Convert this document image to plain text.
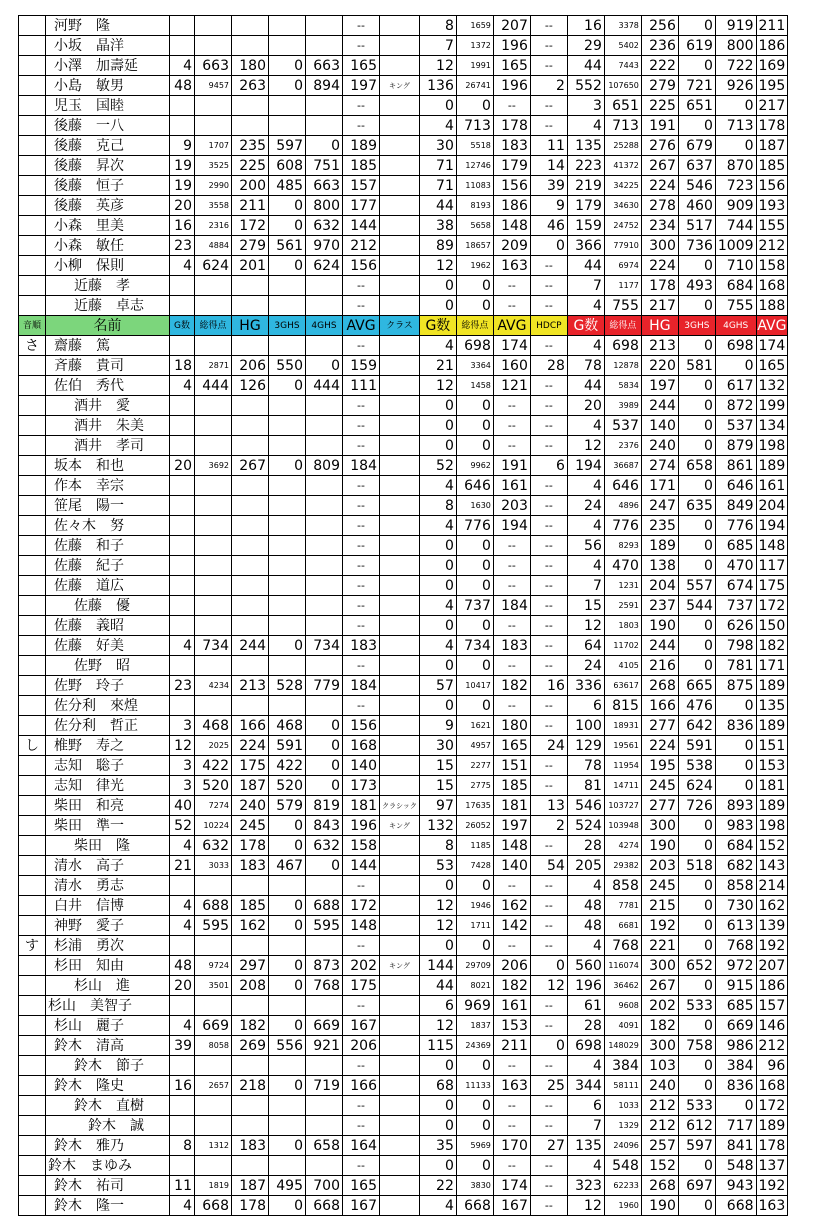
	河野　隆						--		8	1659	207	--	16	3378	256	0	919	211
	小坂　晶洋						--		7	1372	196	--	29	5402	236	619	800	186
	小澤　加壽延	4	663	180	0	663	165		12	1991	165	--	44	7443	222	0	722	169
	小島　敏男	48	9457	263	0	894	197	キング	136	26741	196	2	552	107650	279	721	926	195
	児玉　国睦						--		0	0	--	--	3	651	225	651	0	217
	後藤　一八						--		4	713	178	--	4	713	191	0	713	178
	後藤　克己	9	1707	235	597	0	189		30	5518	183	11	135	25288	276	679	0	187
	後藤　昇次	19	3525	225	608	751	185		71	12746	179	14	223	41372	267	637	870	185
	後藤　恒子	19	2990	200	485	663	157		71	11083	156	39	219	34225	224	546	723	156
	後藤　英彦	20	3558	211	0	800	177		44	8193	186	9	179	34630	278	460	909	193
	小森　里美	16	2316	172	0	632	144		38	5658	148	46	159	24752	234	517	744	155
	小森　敏任	23	4884	279	561	970	212		89	18657	209	0	366	77910	300	736	1009	212
	小柳　保則	4	624	201	0	624	156		12	1962	163	--	44	6974	224	0	710	158
	近藤　孝						--		0	0	--	--	7	1177	178	493	684	168
	近藤　卓志						--		0	0	--	--	4	755	217	0	755	188
音順	名前	G数	総得点	HG	3GHS	4GHS	AVG	クラス	G数	総得点	AVG	HDCP	G数	総得点	HG	3GHS	4GHS	AVG
さ	齋藤　篤						--		4	698	174	--	4	698	213	0	698	174
	斉藤　貴司	18	2871	206	550	0	159		21	3364	160	28	78	12878	220	581	0	165
	佐伯　秀代	4	444	126	0	444	111		12	1458	121	--	44	5834	197	0	617	132
	酒井　愛						--		0	0	--	--	20	3989	244	0	872	199
	酒井　朱美						--		0	0	--	--	4	537	140	0	537	134
	酒井　孝司						--		0	0	--	--	12	2376	240	0	879	198
	坂本　和也	20	3692	267	0	809	184		52	9962	191	6	194	36687	274	658	861	189
	作本　幸宗						--		4	646	161	--	4	646	171	0	646	161
	笹尾　陽一						--		8	1630	203	--	24	4896	247	635	849	204
	佐々木　努						--		4	776	194	--	4	776	235	0	776	194
	佐藤　和子						--		0	0	--	--	56	8293	189	0	685	148
	佐藤　紀子						--		0	0	--	--	4	470	138	0	470	117
	佐藤　道広						--		0	0	--	--	7	1231	204	557	674	175
	佐藤　優						--		4	737	184	--	15	2591	237	544	737	172
	佐藤　義昭						--		0	0	--	--	12	1803	190	0	626	150
	佐藤　好美	4	734	244	0	734	183		4	734	183	--	64	11702	244	0	798	182
	佐野　昭						--		0	0	--	--	24	4105	216	0	781	171
	佐野　玲子	23	4234	213	528	779	184		57	10417	182	16	336	63617	268	665	875	189
	佐分利　來煌						--		0	0	--	--	6	815	166	476	0	135
	佐分利　哲正	3	468	166	468	0	156		9	1621	180	--	100	18931	277	642	836	189
し	椎野　寿之	12	2025	224	591	0	168		30	4957	165	24	129	19561	224	591	0	151
	志知　聡子	3	422	175	422	0	140		15	2277	151	--	78	11954	195	538	0	153
	志知　律光	3	520	187	520	0	173		15	2775	185	--	81	14711	245	624	0	181
	柴田　和亮	40	7274	240	579	819	181	クラシック	97	17635	181	13	546	103727	277	726	893	189
	柴田　準一	52	10224	245	0	843	196	キング	132	26052	197	2	524	103948	300	0	983	198
	柴田　隆	4	632	178	0	632	158		8	1185	148	--	28	4274	190	0	684	152
	清水　高子	21	3033	183	467	0	144		53	7428	140	54	205	29382	203	518	682	143
	清水　勇志						--		0	0	--	--	4	858	245	0	858	214
	白井　信博	4	688	185	0	688	172		12	1946	162	--	48	7781	215	0	730	162
	神野　愛子	4	595	162	0	595	148		12	1711	142	--	48	6681	192	0	613	139
す	杉浦　勇次						--		0	0	--	--	4	768	221	0	768	192
	杉田　知由	48	9724	297	0	873	202	キング	144	29709	206	0	560	116074	300	652	972	207
	杉山　進	20	3501	208	0	768	175		44	8021	182	12	196	36462	267	0	915	186
	杉山　美智子						--		6	969	161	--	61	9608	202	533	685	157
	杉山　麗子	4	669	182	0	669	167		12	1837	153	--	28	4091	182	0	669	146
	鈴木　清高	39	8058	269	556	921	206		115	24369	211	0	698	148029	300	758	986	212
	鈴木　節子						--		0	0	--	--	4	384	103	0	384	96
	鈴木　隆史	16	2657	218	0	719	166		68	11133	163	25	344	58111	240	0	836	168
	鈴木　直樹						--		0	0	--	--	6	1033	212	533	0	172
	鈴木　誠						--		0	0	--	--	7	1329	212	612	717	189
	鈴木　雅乃	8	1312	183	0	658	164		35	5969	170	27	135	24096	257	597	841	178
	鈴木　まゆみ						--		0	0	--	--	4	548	152	0	548	137
	鈴木　祐司	11	1819	187	495	700	165		22	3830	174	--	323	62233	268	697	943	192
	鈴木　隆一	4	668	178	0	668	167		4	668	167	--	12	1960	190	0	668	163
